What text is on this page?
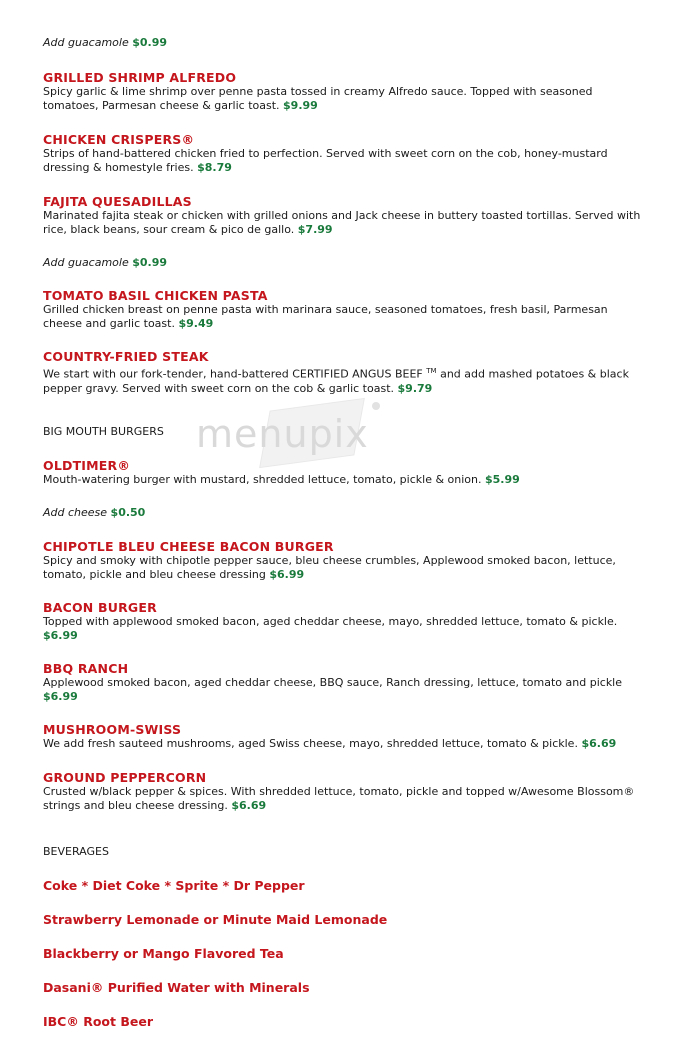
menupix
Add guacamole $0.99
GRILLED SHRIMP ALFREDO
Spicy garlic & lime shrimp over penne pasta tossed in creamy Alfredo sauce. Topped with seasoned tomatoes, Parmesan cheese & garlic toast. $9.99
CHICKEN CRISPERS®
Strips of hand-battered chicken fried to perfection. Served with sweet corn on the cob, honey-mustard dressing & homestyle fries. $8.79
FAJITA QUESADILLAS
Marinated fajita steak or chicken with grilled onions and Jack cheese in buttery toasted tortillas. Served with rice, black beans, sour cream & pico de gallo. $7.99
Add guacamole $0.99
TOMATO BASIL CHICKEN PASTA
Grilled chicken breast on penne pasta with marinara sauce, seasoned tomatoes, fresh basil, Parmesan cheese and garlic toast. $9.49
COUNTRY-FRIED STEAK
We start with our fork-tender, hand-battered CERTIFIED ANGUS BEEF ™ and add mashed potatoes & black pepper gravy. Served with sweet corn on the cob & garlic toast. $9.79
BIG MOUTH BURGERS
OLDTIMER®
Mouth-watering burger with mustard, shredded lettuce, tomato, pickle & onion. $5.99
Add cheese $0.50
CHIPOTLE BLEU CHEESE BACON BURGER
Spicy and smoky with chipotle pepper sauce, bleu cheese crumbles, Applewood smoked bacon, lettuce, tomato, pickle and bleu cheese dressing $6.99
BACON BURGER
Topped with applewood smoked bacon, aged cheddar cheese, mayo, shredded lettuce, tomato & pickle. $6.99
BBQ RANCH
Applewood smoked bacon, aged cheddar cheese, BBQ sauce, Ranch dressing, lettuce, tomato and pickle $6.99
MUSHROOM-SWISS
We add fresh sauteed mushrooms, aged Swiss cheese, mayo, shredded lettuce, tomato & pickle. $6.69
GROUND PEPPERCORN
Crusted w/black pepper & spices. With shredded lettuce, tomato, pickle and topped w/Awesome Blossom® strings and bleu cheese dressing. $6.69
BEVERAGES
Coke * Diet Coke * Sprite * Dr Pepper
Strawberry Lemonade or Minute Maid Lemonade
Blackberry or Mango Flavored Tea
Dasani® Purified Water with Minerals
IBC® Root Beer
